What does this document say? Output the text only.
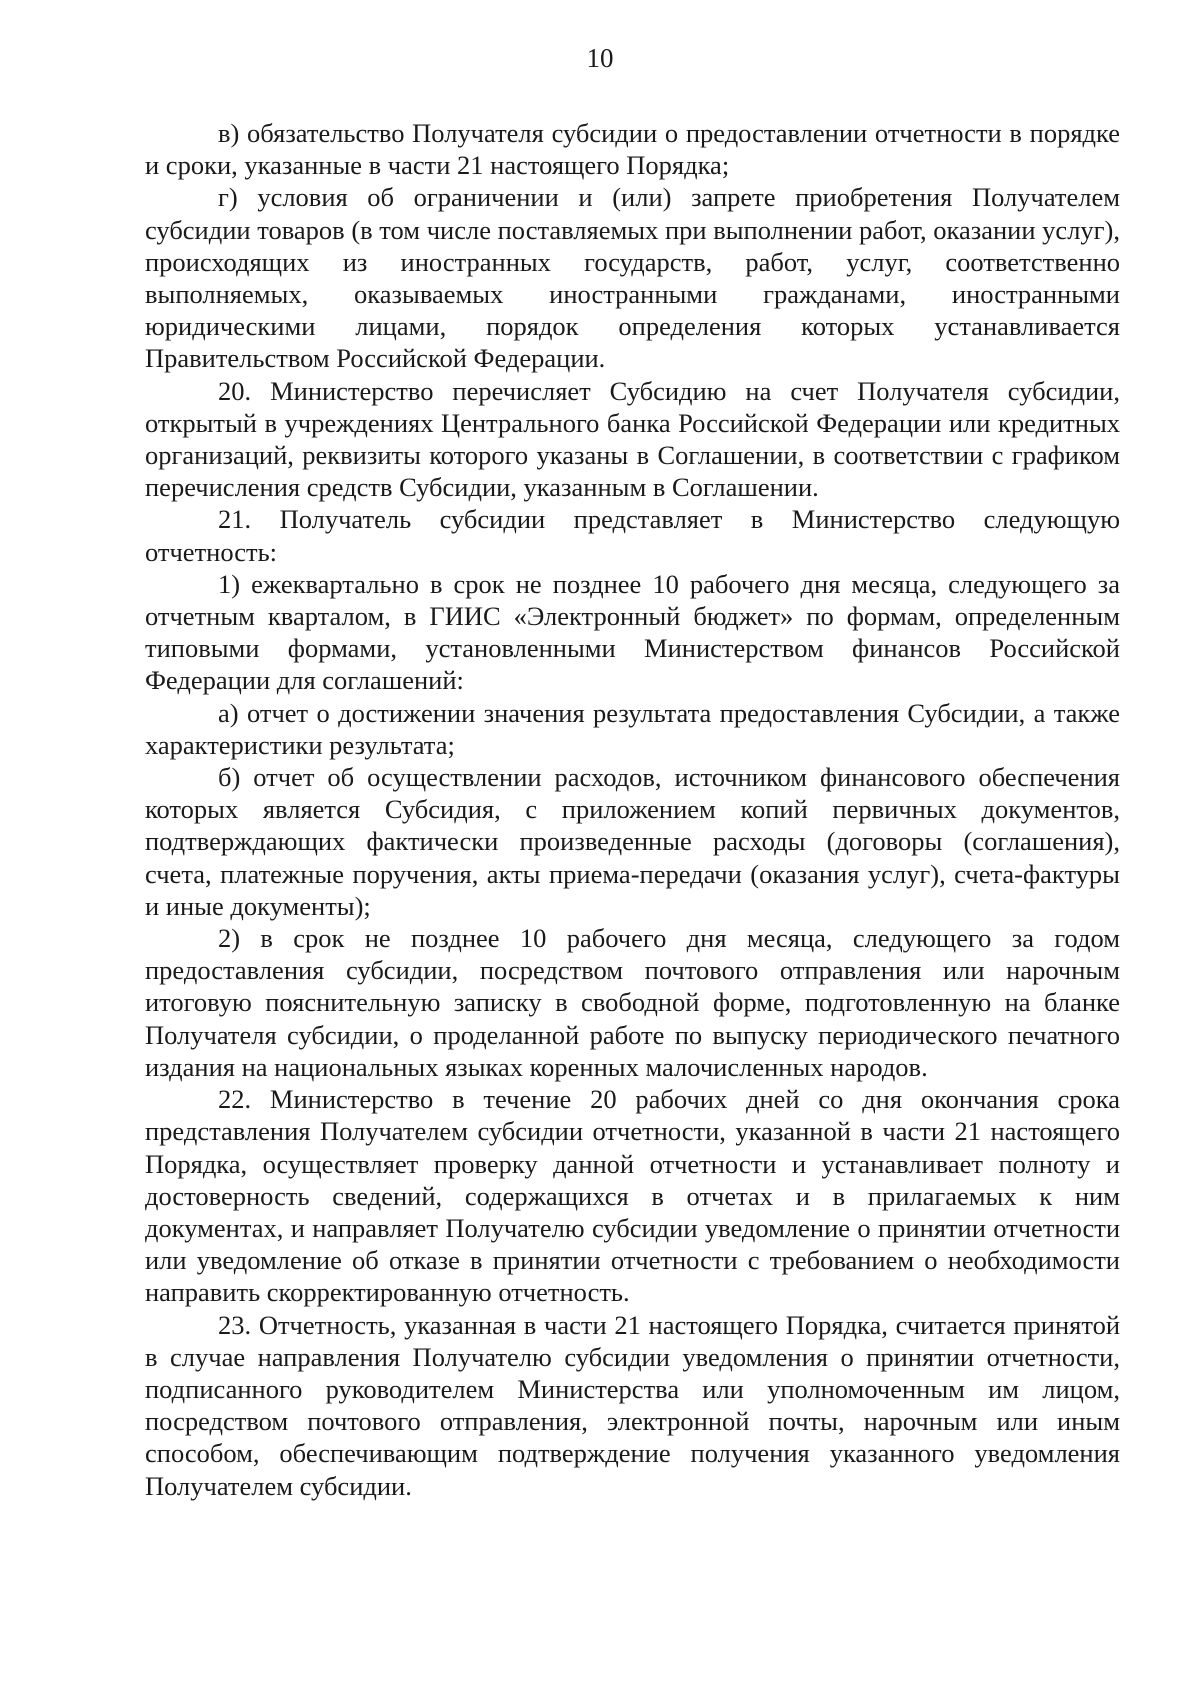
10

в) обязательство Получателя субсидии о предоставлении отчетности в порядке и сроки, указанные в части 21 настоящего Порядка;

г) условия об ограничении и (или) запрете приобретения Получателем субсидии товаров (в том числе поставляемых при выполнении работ, оказании услуг), происходящих из иностранных государств, работ, услуг, соответственно выполняемых, оказываемых иностранными гражданами, иностранными юридическими лицами, порядок определения которых устанавливается Правительством Российской Федерации.

20. Министерство перечисляет Субсидию на счет Получателя субсидии, открытый в учреждениях Центрального банка Российской Федерации или кредитных организаций, реквизиты которого указаны в Соглашении, в соответствии с графиком перечисления средств Субсидии, указанным в Соглашении.

21. Получатель субсидии представляет в Министерство следующую отчетность:

1) ежеквартально в срок не позднее 10 рабочего дня месяца, следующего за отчетным кварталом, в ГИИС «Электронный бюджет» по формам, определенным типовыми формами, установленными Министерством финансов Российской Федерации для соглашений:

а) отчет о достижении значения результата предоставления Субсидии, а также характеристики результата;

б) отчет об осуществлении расходов, источником финансового обеспечения которых является Субсидия, с приложением копий первичных документов, подтверждающих фактически произведенные расходы (договоры (соглашения), счета, платежные поручения, акты приема-передачи (оказания услуг), счета-фактуры и иные документы);

2) в срок не позднее 10 рабочего дня месяца, следующего за годом предоставления субсидии, посредством почтового отправления или нарочным итоговую пояснительную записку в свободной форме, подготовленную на бланке Получателя субсидии, о проделанной работе по выпуску периодического печатного издания на национальных языках коренных малочисленных народов.

22. Министерство в течение 20 рабочих дней со дня окончания срока представления Получателем субсидии отчетности, указанной в части 21 настоящего Порядка, осуществляет проверку данной отчетности и устанавливает полноту и достоверность сведений, содержащихся в отчетах и в прилагаемых к ним документах, и направляет Получателю субсидии уведомление о принятии отчетности или уведомление об отказе в принятии отчетности с требованием о необходимости направить скорректированную отчетность.

23. Отчетность, указанная в части 21 настоящего Порядка, считается принятой в случае направления Получателю субсидии уведомления о принятии отчетности, подписанного руководителем Министерства или уполномоченным им лицом, посредством почтового отправления, электронной почты, нарочным или иным способом, обеспечивающим подтверждение получения указанного уведомления Получателем субсидии.
